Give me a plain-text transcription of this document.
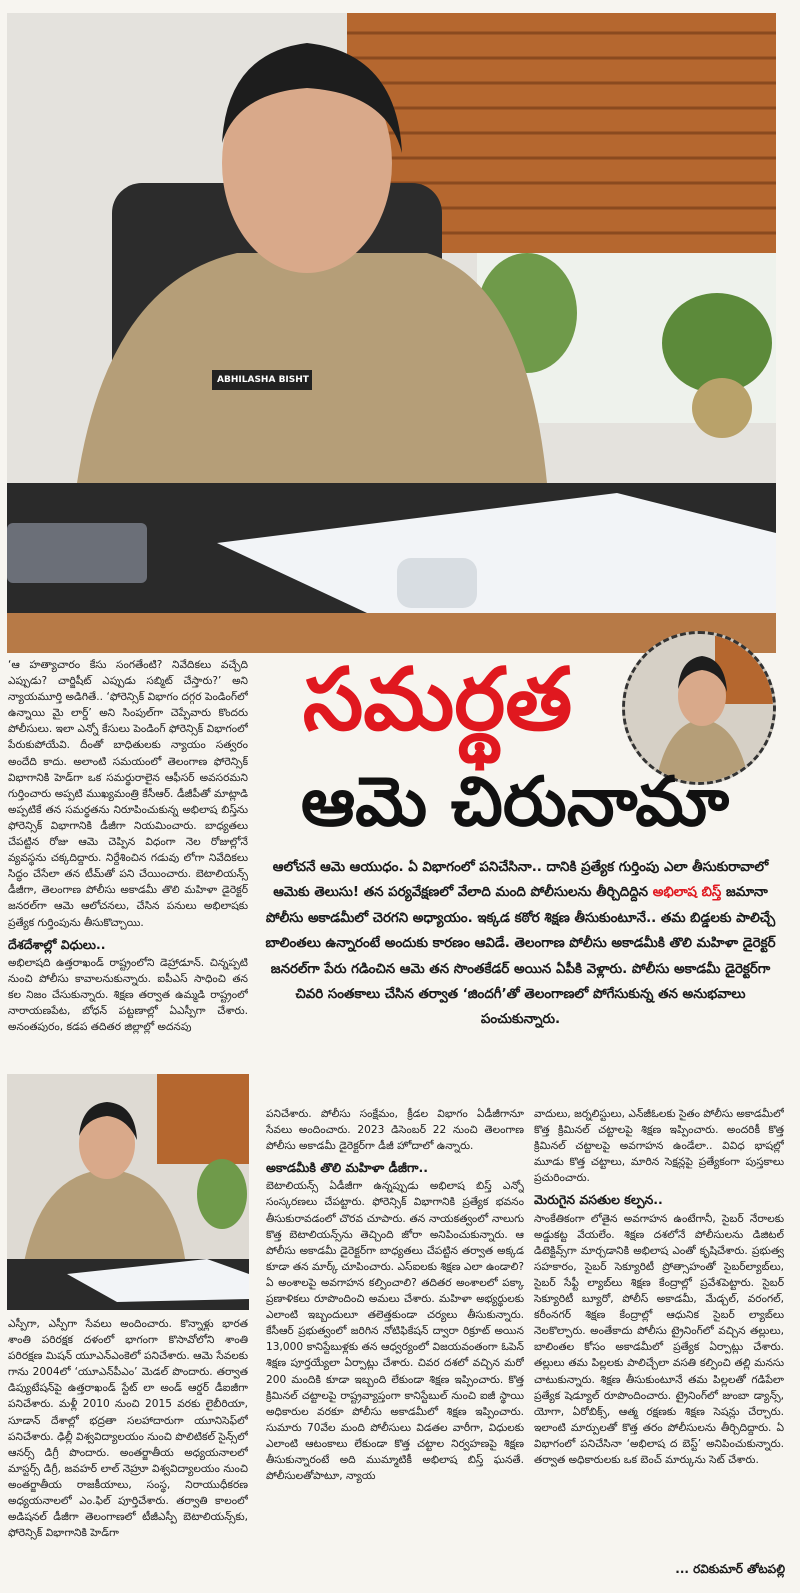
ABHILASHA BISHT
సమర్థత
ఆమె చిరునామా
ఆలోచనే ఆమె ఆయుధం. ఏ విభాగంలో పనిచేసినా.. దానికి ప్రత్యేక గుర్తింపు ఎలా తీసుకురావాలో ఆమెకు తెలుసు! తన పర్యవేక్షణలో వేలాది మంది పోలీసులను తీర్చిదిద్దిన అభిలాష బిస్త్ జమానా పోలీసు అకాడమీలో చెరగని అధ్యాయం. ఇక్కడ కఠోర శిక్షణ తీసుకుంటూనే.. తమ బిడ్డలకు పాలిచ్చే బాలింతలు ఉన్నారంటే అందుకు కారణం ఆవిడే. తెలంగాణ పోలీసు అకాడమీకి తొలి మహిళా డైరెక్టర్ జనరల్‌గా పేరు గడించిన ఆమె తన సొంతకేడర్ అయిన ఏపీకి వెళ్లారు. పోలీసు అకాడమీ డైరెక్టర్‌గా చివరి సంతకాలు చేసిన తర్వాత ‘జిందగీ’తో తెలంగాణలో పోగేసుకున్న తన అనుభవాలు పంచుకున్నారు.

‘ఆ హత్యాచారం కేసు సంగతేంటి? నివేదికలు వచ్చేది ఎప్పుడు? చార్జిషీట్ ఎప్పుడు సబ్మిట్ చేస్తారు?’ అని న్యాయమూర్తి అడిగితే.. ‘ఫోరెన్సిక్ విభాగం దగ్గర పెండింగ్‌లో ఉన్నాయి మై లార్డ్’ అని సింపుల్‌గా చెప్పేవారు కొందరు పోలీసులు. ఇలా ఎన్నో కేసులు పెండింగ్ ఫోరెన్సిక్ విభాగంలో పేరుకుపోయేవి. దీంతో బాధితులకు న్యాయం సత్వరం అందేది కాదు. అలాంటి సమయంలో తెలంగాణ ఫోరెన్సిక్ విభాగానికి హెడ్‌గా ఒక సమర్థురాలైన ఆఫీసర్ అవసరమని గుర్తించారు అప్పటి ముఖ్యమంత్రి కేసీఆర్. డీజీపీతో మాట్లాడి అప్పటికే తన సమర్థతను నిరూపించుకున్న అభిలాష బిస్త్‌ను ఫోరెన్సిక్ విభాగానికి డీజీగా నియమించారు. బాధ్యతలు చేపట్టిన రోజు ఆమె చెప్పిన విధంగా నెల రోజుల్లోనే వ్యవస్థను చక్కదిద్దారు. నిర్దేశించిన గడువు లోగా నివేదికలు సిద్ధం చేసేలా తన టీమ్‌తో పని చేయించారు. బెటాలియన్స్ డీజీగా, తెలంగాణ పోలీసు అకాడమీ తొలి మహిళా డైరెక్టర్ జనరల్‌గా ఆమె ఆలోచనలు, చేసిన పనులు అభిలాషకు ప్రత్యేక గుర్తింపును తీసుకొచ్చాయి.

దేశదేశాల్లో విధులు..

అభిలాష‌ది ఉత్తరాఖండ్ రాష్ట్రంలోని డెహ్రాడూన్. చిన్నప్పటి నుంచి పోలీసు కావాలనుకున్నారు. ఐపీఎస్ సాధించి తన కల నిజం చేసుకున్నారు. శిక్షణ తర్వాత ఉమ్మడి రాష్ట్రంలో నారాయణపేట, బోధన్ పట్టణాల్లో ఏఎస్పీగా చేశారు. అనంతపురం, కడప తదితర జిల్లాల్లో అదనపు

ఎస్పీగా, ఎస్పీగా సేవలు అందించారు. కొన్నాళ్లు భారత శాంతి పరిరక్షక దళంలో భాగంగా కొసావోలోని శాంతి పరిరక్షణ మిషన్ యూఎన్‌ఎంకెలో పనిచేశారు. ఆమె సేవలకు గాను 2004లో ‘యూఎన్‌పీఎం’ మెడల్ పొందారు. తర్వాత డిప్యుటేషన్‌పై ఉత్తరాఖండ్ స్టేట్ లా అండ్ ఆర్డర్ డీఐజీగా పనిచేశారు. మళ్లీ 2010 నుంచి 2015 వరకు లైబీరియా, సూడాన్ దేశాల్లో భద్రతా సలహాదారుగా యూనిసెఫ్‌లో పనిచేశారు. ఢిల్లీ విశ్వవిద్యాలయం నుంచి పొలిటికల్ సైన్స్‌లో ఆనర్స్ డిగ్రీ పొందారు. అంతర్జాతీయ అధ్యయనాలలో మాస్టర్స్ డిగ్రీ, జవహర్ లాల్ నెహ్రూ విశ్వవిద్యాలయం నుంచి అంతర్జాతీయ రాజకీయాలు, సంస్థ, నిరాయుధీకరణ అధ్యయనాలలో ఎం.ఫిల్ పూర్తిచేశారు. తర్వాతి కాలంలో అడిషనల్ డీజీగా తెలంగాణలో టీజీఎస్పీ బెటాలియన్స్‌కు, ఫోరెన్సిక్ విభాగానికి హెడ్‌గా

పనిచేశారు. పోలీసు సంక్షేమం, క్రీడల విభాగం ఏడీజీగానూ సేవలు అందించారు. 2023 డిసెంబర్ 22 నుంచి తెలంగాణ పోలీసు అకాడమీ డైరెక్టర్‌గా డీజీ హోదాలో ఉన్నారు.

అకాడమీకి తొలి మహిళా డీజీగా..

బెటాలియన్స్ ఏడీజీగా ఉన్నప్పుడు అభిలాష బిస్త్ ఎన్నో సంస్కరణలు చేపట్టారు. ఫోరెన్సిక్ విభాగానికి ప్రత్యేక భవనం తీసుకురావడంలో చొరవ చూపారు. తన నాయకత్వంలో నాలుగు కొత్త బెటాలియన్స్‌ను తెచ్చింది జోరా అనిపించుకున్నారు. ఆ పోలీసు అకాడమీ డైరెక్టర్‌గా బాధ్యతలు చేపట్టిన తర్వాత అక్కడ కూడా తన మార్క్ చూపించారు. ఎస్ఐలకు శిక్షణ ఎలా ఉండాలి? ఏ అంశాలపై అవగాహన కల్పించాలి? తదితర అంశాలలో పక్కా ప్రణాళికలు రూపొందించి అమలు చేశారు. మహిళా అభ్యర్థులకు ఎలాంటి ఇబ్బందులూ తలెత్తకుండా చర్యలు తీసుకున్నారు. కేసీఆర్ ప్రభుత్వంలో జరిగిన నోటిఫికేషన్ ద్వారా రిక్రూట్ అయిన 13,000 కానిస్టేబుళ్లకు తన ఆధ్వర్యంలో విజయవంతంగా ఓపెన్ శిక్షణ పూర్తయ్యేలా ఏర్పాట్లు చేశారు. చివర దశలో వచ్చిన మరో 200 మందికి కూడా ఇబ్బంది లేకుండా శిక్షణ ఇప్పించారు. కొత్త క్రిమినల్ చట్టాలపై రాష్ట్రవ్యాప్తంగా కానిస్టేబుల్ నుంచి ఐజీ స్థాయి అధికారుల వరకూ పోలీసు అకాడమీలో శిక్షణ ఇప్పించారు. సుమారు 70వేల మంది పోలీసులు విడతల వారీగా, విధులకు ఎలాంటి ఆటంకాలు లేకుండా కొత్త చట్టాల నిర్వహణపై శిక్షణ తీసుకున్నారంటే అది ముమ్మాటికీ అభిలాష బిస్త్ ఘనతే. పోలీసులతోపాటూ, న్యాయ

వాదులు, జర్నలిస్టులు, ఎన్‌జీఓలకు సైతం పోలీసు అకాడమీలో కొత్త క్రిమినల్ చట్టాలపై శిక్షణ ఇప్పించారు. అందరికీ కొత్త క్రిమినల్ చట్టాలపై అవగాహన ఉండేలా.. వివిధ భాషల్లో మూడు కొత్త చట్టాలు, మారిన సెక్షన్లపై ప్రత్యేకంగా పుస్తకాలు ప్రచురించారు.

మెరుగైన వసతుల కల్పన..

సాంకేతికంగా లోతైన అవగాహన ఉంటేగానీ, సైబర్ నేరాలకు అడ్డుకట్ట వేయలేం. శిక్షణ దశలోనే పోలీసులను డిజిటల్ డిటెక్టివ్స్‌గా మార్చడానికి అభిలాష ఎంతో కృషిచేశారు. ప్రభుత్వ సహకారం, సైబర్ సెక్యూరిటీ ప్రోత్సాహంతో సైబర్‌ల్యాబ్‌లు, సైబర్ సేఫ్టీ ల్యాబ్‌లు శిక్షణ కేంద్రాల్లో ప్రవేశపెట్టారు. సైబర్ సెక్యూరిటీ బ్యూరో, పోలీస్ అకాడమీ, మేడ్చల్, వరంగల్, కరీంనగర్ శిక్షణ కేంద్రాల్లో ఆధునిక సైబర్ ల్యాబ్‌లు నెలకొల్పారు. అంతేకాదు పోలీసు ట్రైనింగ్‌లో వచ్చిన తల్లులు, బాలింతల కోసం అకాడమీలో ప్రత్యేక ఏర్పాట్లు చేశారు. తల్లులు తమ పిల్లలకు పాలిచ్చేలా వసతి కల్పించి తల్లి మనసు చాటుకున్నారు. శిక్షణ తీసుకుంటూనే తమ పిల్లలతో గడిపేలా ప్రత్యేక షెడ్యూల్ రూపొందించారు. ట్రైనింగ్‌లో జుంబా డ్యాన్స్, యోగా, ఏరోబిక్స్, ఆత్మ రక్షణకు శిక్షణ సెషన్లు చేర్చారు. ఇలాంటి మార్పులతో కొత్త తరం పోలీసులను తీర్చిదిద్దారు. ఏ విభాగంలో పనిచేసినా ‘అభిలాష ద బెస్ట్’ అనిపించుకున్నారు. తర్వాత అధికారులకు ఒక బెంచ్ మార్కును సెట్ చేశారు.

... రవికుమార్ తోటపల్లి
